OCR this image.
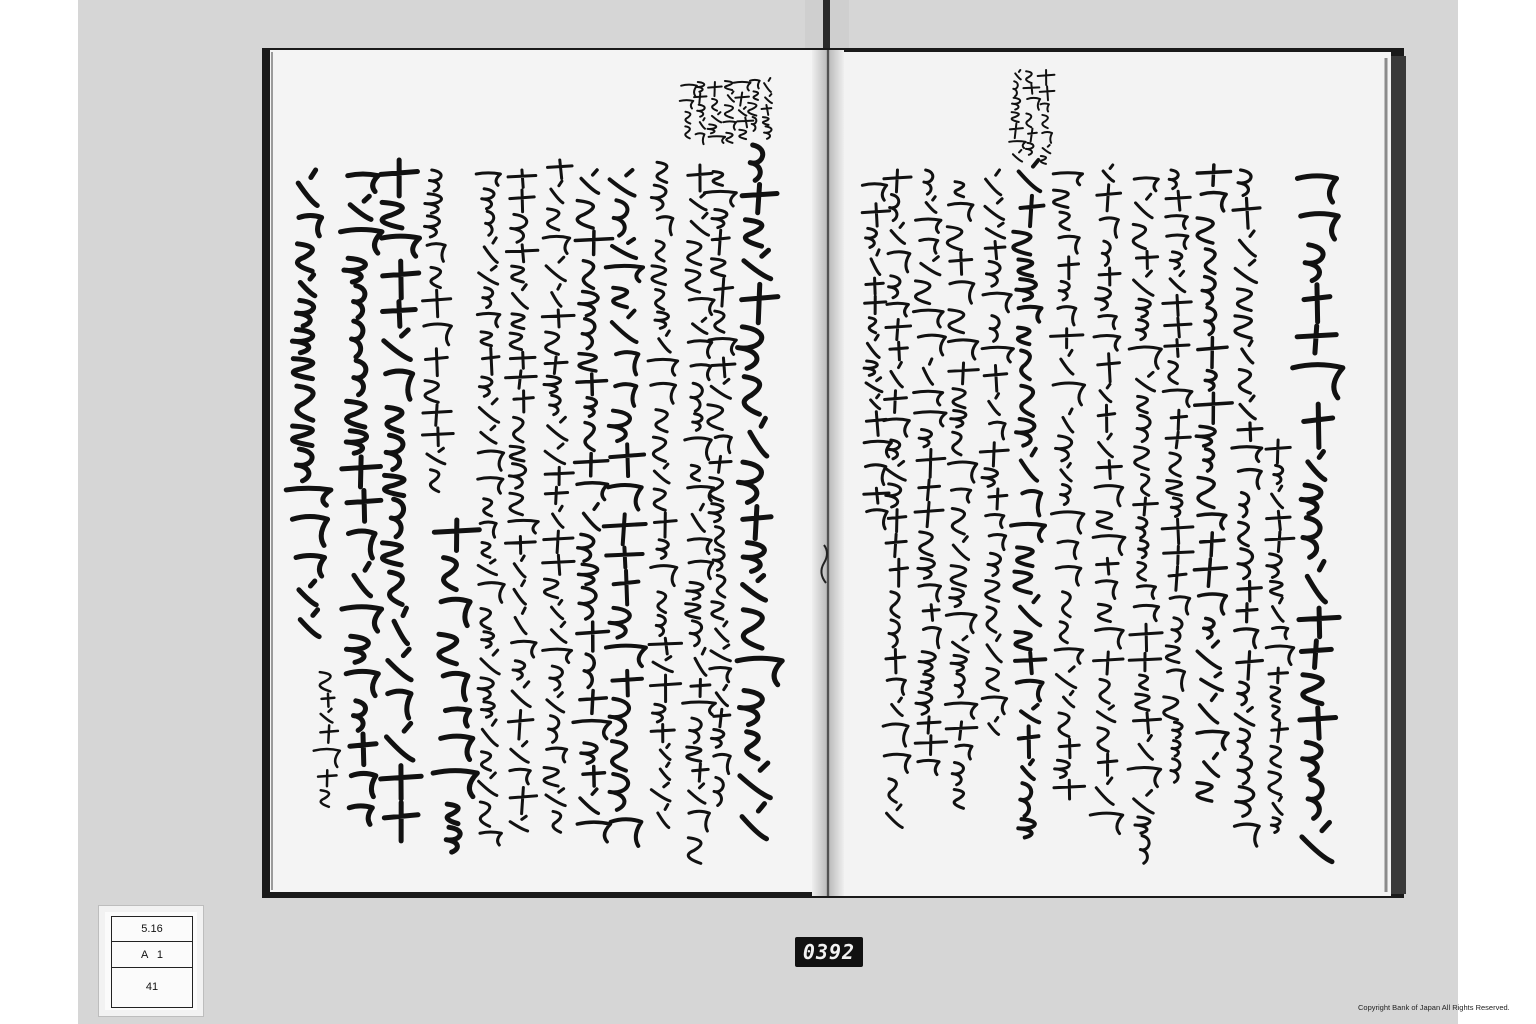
5.16
A   1
41
0392
Copyright Bank of Japan All Rights Reserved.
